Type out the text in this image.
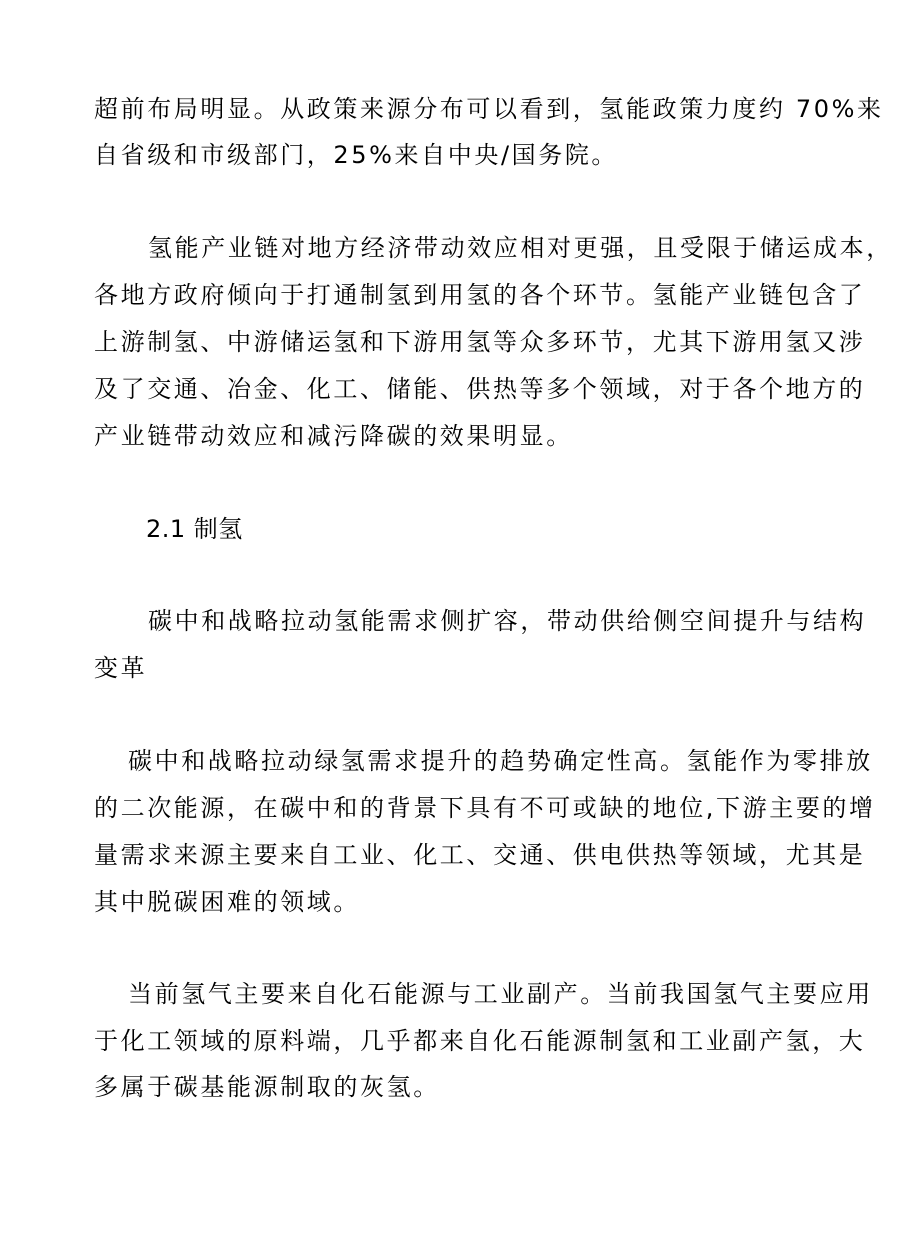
超前布局明显。从政策来源分布可以看到，氢能政策力度约 70%来
自省级和市级部门，25%来自中央/国务院。
氢能产业链对地方经济带动效应相对更强，且受限于储运成本，
各地方政府倾向于打通制氢到用氢的各个环节。氢能产业链包含了
上游制氢、中游储运氢和下游用氢等众多环节，尤其下游用氢又涉
及了交通、冶金、化工、储能、供热等多个领域，对于各个地方的
产业链带动效应和减污降碳的效果明显。
2.1 制氢
碳中和战略拉动氢能需求侧扩容，带动供给侧空间提升与结构
变革
碳中和战略拉动绿氢需求提升的趋势确定性高。氢能作为零排放
的二次能源，在碳中和的背景下具有不可或缺的地位,下游主要的增
量需求来源主要来自工业、化工、交通、供电供热等领域，尤其是
其中脱碳困难的领域。
当前氢气主要来自化石能源与工业副产。当前我国氢气主要应用
于化工领域的原料端，几乎都来自化石能源制氢和工业副产氢，大
多属于碳基能源制取的灰氢。
